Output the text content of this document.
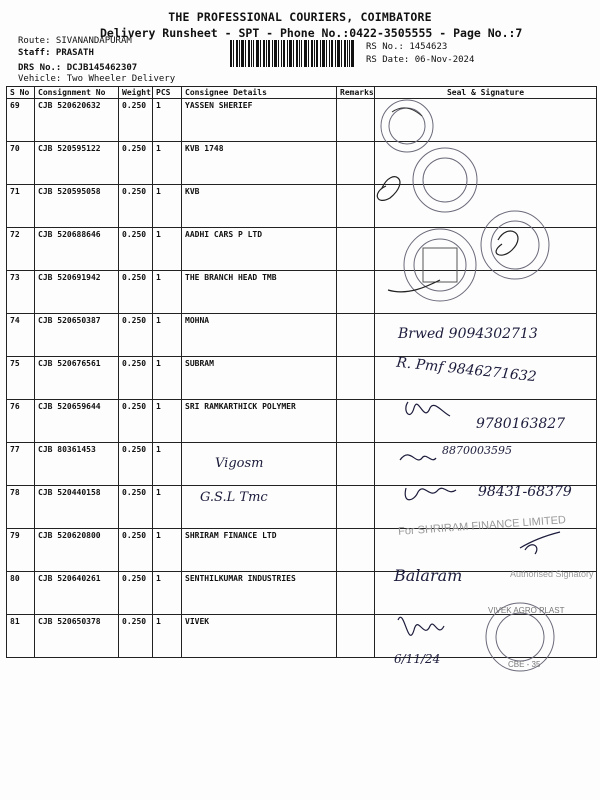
THE PROFESSIONAL COURIERS, COIMBATORE
Delivery Runsheet - SPT - Phone No.:0422-3505555 - Page No.:7
Route: SIVANANDAPURAM
Staff: PRASATH
DRS No.: DCJB145462307
Vehicle: Two Wheeler Delivery
RS No.: 1454623
RS Date: 06-Nov-2024
S No	Consignment No	Weight	PCS	Consignee Details	Remarks	Seal & Signature
69	CJB 520620632	0.250	1	YASSEN SHERIEF		
70	CJB 520595122	0.250	1	KVB 1748		
71	CJB 520595058	0.250	1	KVB		
72	CJB 520688646	0.250	1	AADHI CARS P LTD		
73	CJB 520691942	0.250	1	THE BRANCH HEAD TMB		
74	CJB 520650387	0.250	1	MOHNA		
75	CJB 520676561	0.250	1	SUBRAM		
76	CJB 520659644	0.250	1	SRI RAMKARTHICK POLYMER		
77	CJB 80361453	0.250	1			
78	CJB 520440158	0.250	1			
79	CJB 520620800	0.250	1	SHRIRAM FINANCE LTD		
80	CJB 520640261	0.250	1	SENTHILKUMAR INDUSTRIES		
81	CJB 520650378	0.250	1	VIVEK		
Brwed 9094302713
R. Pmf 9846271632
9780163827
Vigosm
8870003595
G.S.L Tmc	98431-68379
Balaram
6/11/24
For SHRIRAM FINANCE LIMITED
Authorised Signatory
VIVEK AGRO PLAST
CBE - 35
